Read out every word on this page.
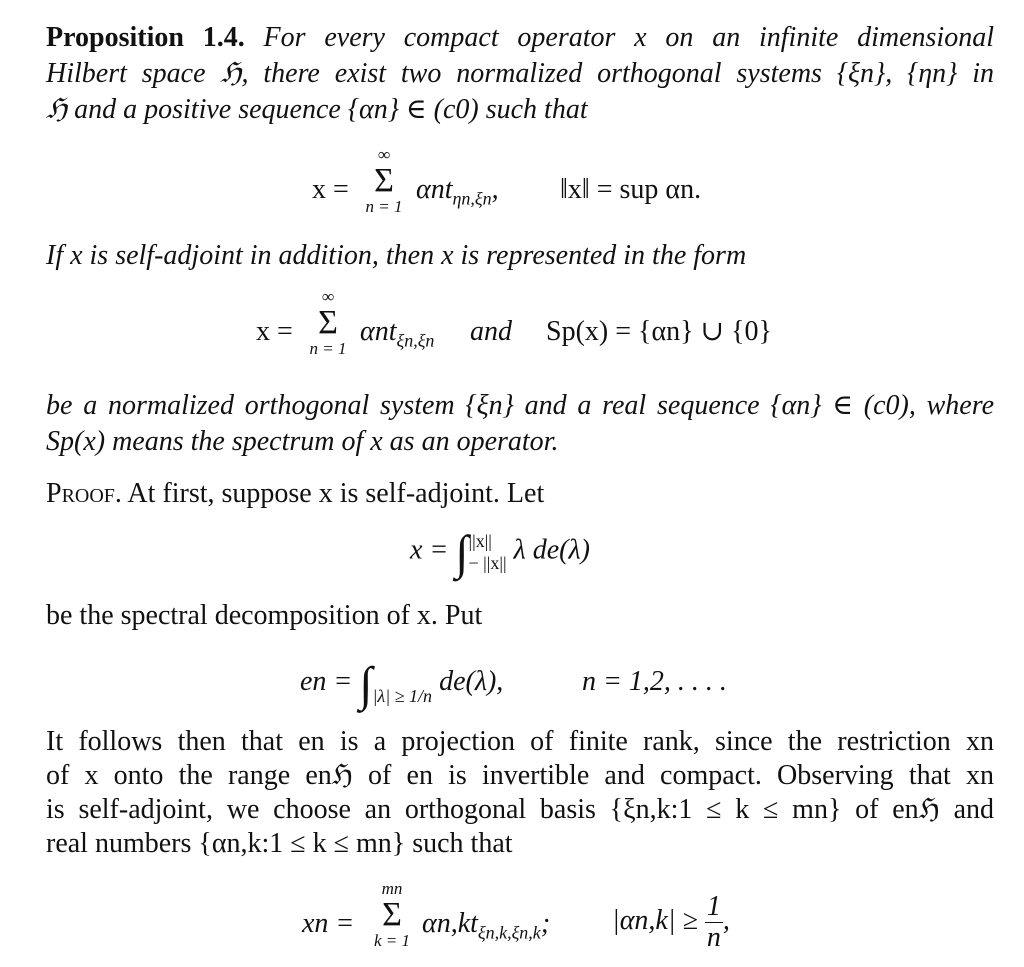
Proposition 1.4. For every compact operator x on an infinite dimensional
Hilbert space ℌ, there exist two normalized orthogonal systems {ξn}, {ηn} in
ℌ and a positive sequence {αn} ∈ (c0) such that
x =
∞
Σ
n = 1
αnt$_{\eta n,\xi n}$, ‖x‖ = sup αn.
If x is self-adjoint in addition, then x is represented in the form
x =
∞
Σ
n = 1
αnt$_{\xi n,\xi n}$ and Sp(x) = {αn} ∪ {0}
be a normalized orthogonal system {ξn} and a real sequence {αn} ∈ (c0), where
Sp(x) means the spectrum of x as an operator.
Proof. At first, suppose x is self-adjoint. Let
x = ∫ ||x||
− ||x|| λ de(λ)
be the spectral decomposition of x. Put
en = $\int_{|\lambda| \ge 1/n}$ de(λ),	n = 1,2, . . . .
It follows then that en is a projection of finite rank, since the restriction xn
of x onto the range enℌ of en is invertible and compact. Observing that xn
is self-adjoint, we choose an orthogonal basis {ξn,k:1 ≤ k ≤ mn} of enℌ and
real numbers {αn,k:1 ≤ k ≤ mn} such that
xn =
mn
Σ
k = 1
$\alpha n,kt_{\xi n,k,\xi n,k}$; $|\alpha n,k| \ge \frac{1}{n}$ ,
